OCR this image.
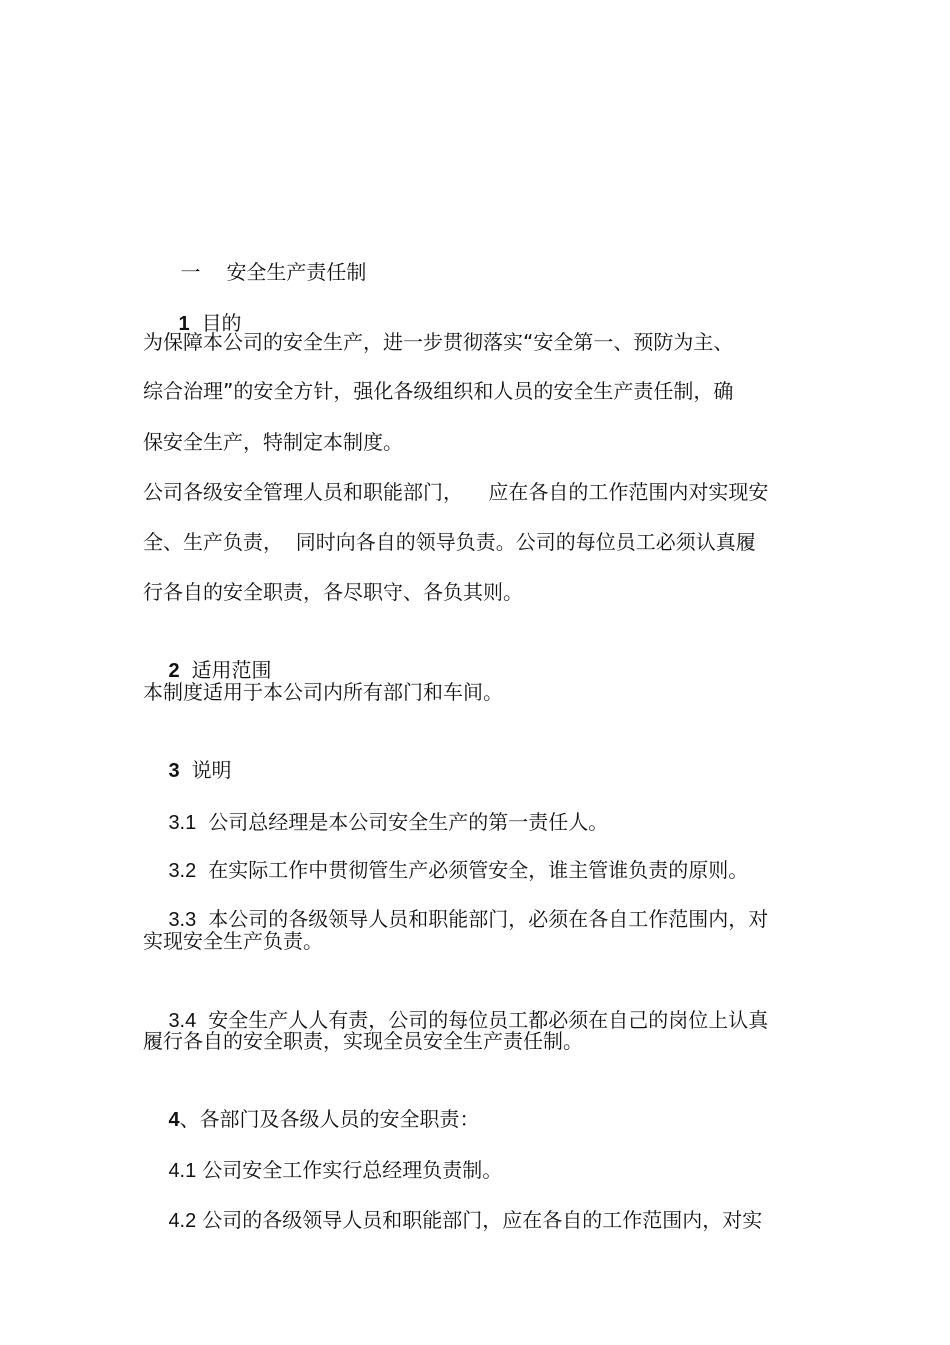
一 安全生产责任制

1 目的

为保障本公司的安全生产，进一步贯彻落实“安全第一、预防为主、
综合治理”的安全方针，强化各级组织和人员的安全生产责任制，确
保安全生产，特制定本制度。
公司各级安全管理人员和职能部门，    应在各自的工作范围内对实现安
全、生产负责，  同时向各自的领导负责。公司的每位员工必须认真履
行各自的安全职责，各尽职守、各负其则。

2 适用范围

本制度适用于本公司内所有部门和车间。

3 说明

3.1 公司总经理是本公司安全生产的第一责任人。

3.2 在实际工作中贯彻管生产必须管安全，谁主管谁负责的原则。

3.3 本公司的各级领导人员和职能部门，必须在各自工作范围内，对

实现安全生产负责。

3.4 安全生产人人有责，公司的每位员工都必须在自己的岗位上认真

履行各自的安全职责，实现全员安全生产责任制。

4、各部门及各级人员的安全职责：

4.1 公司安全工作实行总经理负责制。

4.2 公司的各级领导人员和职能部门，应在各自的工作范围内，对实
